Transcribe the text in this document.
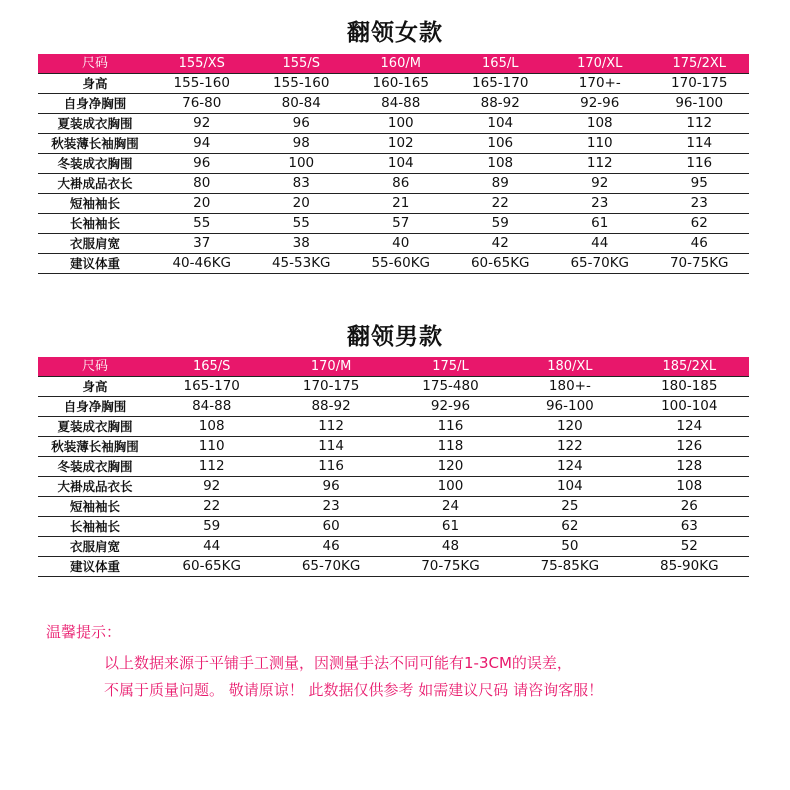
翻领女款
尺码	155/XS	155/S	160/M	165/L	170/XL	175/2XL
身高	155-160	155-160	160-165	165-170	170+-	170-175
自身净胸围	76-80	80-84	84-88	88-92	92-96	96-100
夏装成衣胸围	92	96	100	104	108	112
秋装薄长袖胸围	94	98	102	106	110	114
冬装成衣胸围	96	100	104	108	112	116
大褂成品衣长	80	83	86	89	92	95
短袖袖长	20	20	21	22	23	23
长袖袖长	55	55	57	59	61	62
衣服肩宽	37	38	40	42	44	46
建议体重	40-46KG	45-53KG	55-60KG	60-65KG	65-70KG	70-75KG
翻领男款
尺码	165/S	170/M	175/L	180/XL	185/2XL
身高	165-170	170-175	175-480	180+-	180-185
自身净胸围	84-88	88-92	92-96	96-100	100-104
夏装成衣胸围	108	112	116	120	124
秋装薄长袖胸围	110	114	118	122	126
冬装成衣胸围	112	116	120	124	128
大褂成品衣长	92	96	100	104	108
短袖袖长	22	23	24	25	26
长袖袖长	59	60	61	62	63
衣服肩宽	44	46	48	50	52
建议体重	60-65KG	65-70KG	70-75KG	75-85KG	85-90KG
温馨提示：
以上数据来源于平铺手工测量，因测量手法不同可能有1-3CM的误差，
不属于质量问题。 敬请原谅！ 此数据仅供参考 如需建议尺码 请咨询客服！
